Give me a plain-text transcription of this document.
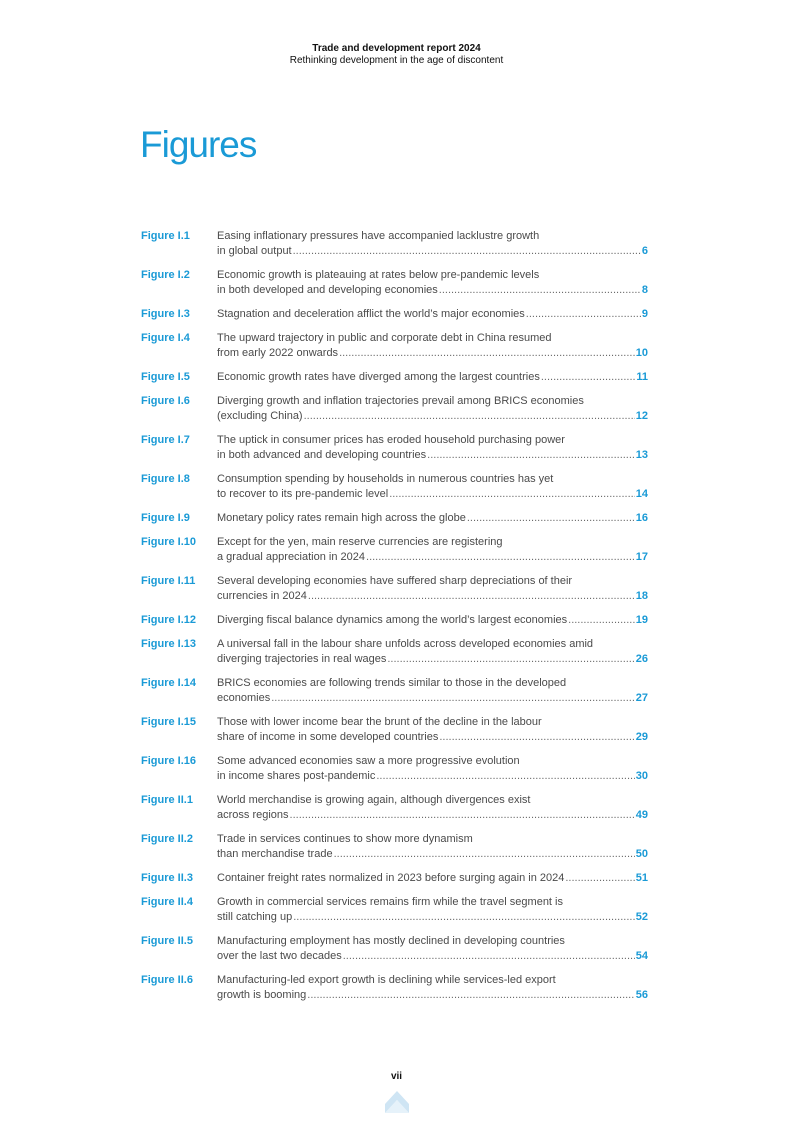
Trade and development report 2024
Rethinking development in the age of discontent
Figures
Figure I.1	Easing inflationary pressures have accompanied lacklustre growth
in global output .....	6
Figure I.2	Economic growth is plateauing at rates below pre-pandemic levels
in both developed and developing economies .....	8
Figure I.3	Stagnation and deceleration afflict the world’s major economies .....	9
Figure I.4	The upward trajectory in public and corporate debt in China resumed
from early 2022 onwards .....	10
Figure I.5	Economic growth rates have diverged among the largest countries .....	11
Figure I.6	Diverging growth and inflation trajectories prevail among BRICS economies
(excluding China) .....	12
Figure I.7	The uptick in consumer prices has eroded household purchasing power
in both advanced and developing countries .....	13
Figure I.8	Consumption spending by households in numerous countries has yet
to recover to its pre-pandemic level .....	14
Figure I.9	Monetary policy rates remain high across the globe .....	16
Figure I.10	Except for the yen, main reserve currencies are registering
a gradual appreciation in 2024 .....	17
Figure I.11	Several developing economies have suffered sharp depreciations of their
currencies in 2024 .....	18
Figure I.12	Diverging fiscal balance dynamics among the world’s largest economies .....	19
Figure I.13	A universal fall in the labour share unfolds across developed economies amid
diverging trajectories in real wages .....	26
Figure I.14	BRICS economies are following trends similar to those in the developed
economies .....	27
Figure I.15	Those with lower income bear the brunt of the decline in the labour
share of income in some developed countries .....	29
Figure I.16	Some advanced economies saw a more progressive evolution
in income shares post-pandemic .....	30
Figure II.1	World merchandise is growing again, although divergences exist
across regions .....	49
Figure II.2	Trade in services continues to show more dynamism
than merchandise trade .....	50
Figure II.3	Container freight rates normalized in 2023 before surging again in 2024 .....	51
Figure II.4	Growth in commercial services remains firm while the travel segment is
still catching up .....	52
Figure II.5	Manufacturing employment has mostly declined in developing countries
over the last two decades .....	54
Figure II.6	Manufacturing-led export growth is declining while services-led export
growth is booming .....	56
vii
